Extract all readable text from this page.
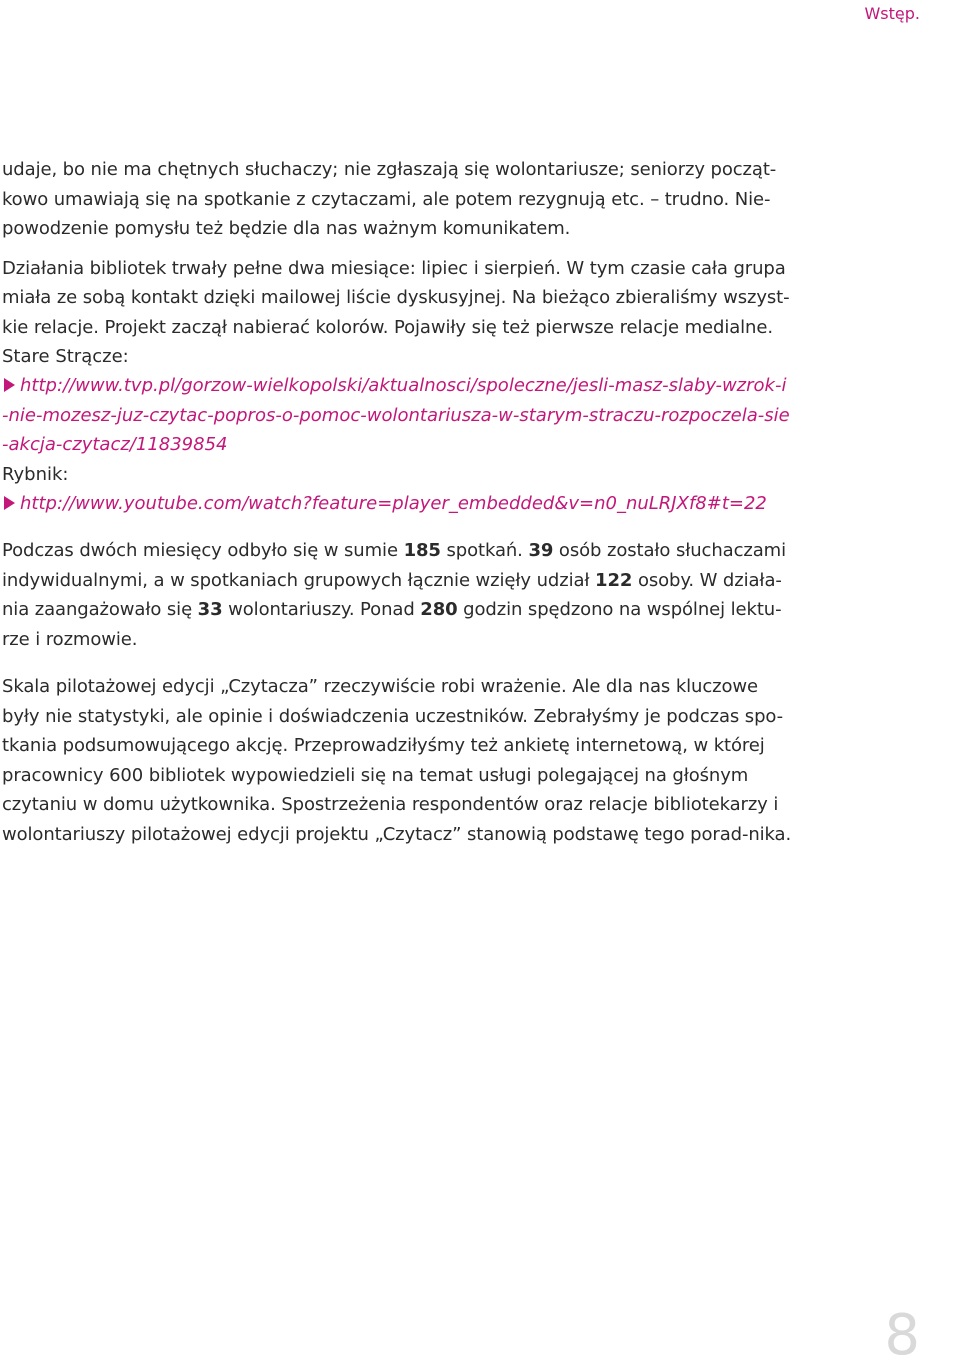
Wstęp.

udaje, bo nie ma chętnych słuchaczy; nie zgłaszają się wolontariusze; seniorzy począt-kowo umawiają się na spotkanie z czytaczami, ale potem rezygnują etc. – trudno. Nie-powodzenie pomysłu też będzie dla nas ważnym komunikatem.

Działania bibliotek trwały pełne dwa miesiące: lipiec i sierpień. W tym czasie cała grupa miała ze sobą kontakt dzięki mailowej liście dyskusyjnej. Na bieżąco zbieraliśmy wszyst-kie relacje. Projekt zaczął nabierać kolorów. Pojawiły się też pierwsze relacje medialne.

Stare Strącze:

http://www.tvp.pl/gorzow-wielkopolski/aktualnosci/spoleczne/jesli-masz-slaby-wzrok-i-nie-mozesz-juz-czytac-popros-o-pomoc-wolontariusza-w-starym-straczu-rozpoczela-sie-akcja-czytacz/11839854

Rybnik:

http://www.youtube.com/watch?feature=player_embedded&v=n0_nuLRJXf8#t=22

Podczas dwóch miesięcy odbyło się w sumie 185 spotkań. 39 osób zostało słuchaczami indywidualnymi, a w spotkaniach grupowych łącznie wzięły udział 122 osoby. W działa-nia zaangażowało się 33 wolontariuszy. Ponad 280 godzin spędzono na wspólnej lektu-rze i rozmowie.

Skala pilotażowej edycji „Czytacza” rzeczywiście robi wrażenie. Ale dla nas kluczowe były nie statystyki, ale opinie i doświadczenia uczestników. Zebrałyśmy je podczas spo-tkania podsumowującego akcję. Przeprowadziłyśmy też ankietę internetową, w której pracownicy 600 bibliotek wypowiedzieli się na temat usługi polegającej na głośnym czytaniu w domu użytkownika. Spostrzeżenia respondentów oraz relacje bibliotekarzy i wolontariuszy pilotażowej edycji projektu „Czytacz” stanowią podstawę tego porad-nika.

8
